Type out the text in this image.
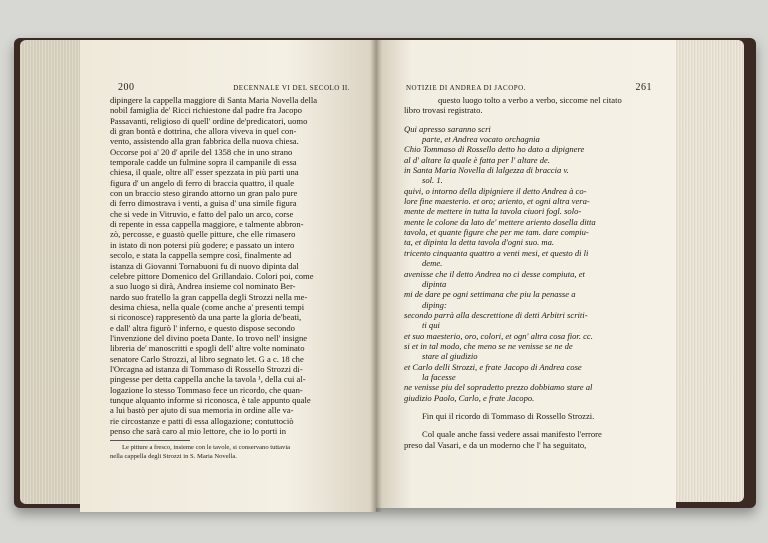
200	DECENNALE VI DEL SECOLO II.
dipingere la cappella maggiore di Santa Maria Novella della
nobil famiglia de' Ricci richiestone dal padre fra Jacopo
Passavanti, religioso di quell' ordine de'predicatori, uomo
di gran bontà e dottrina, che allora viveva in quel con-
vento, assistendo alla gran fabbrica della nuova chiesa.
Occorse poi a' 20 d' aprile del 1358 che in uno strano
temporale cadde un fulmine sopra il campanile di essa
chiesa, il quale, oltre all' esser spezzata in più parti una
figura d' un angelo di ferro di braccia quattro, il quale
con un braccio steso girando attorno un gran palo pure
di ferro dimostrava i venti, a guisa d' una simile figura
che si vede in Vitruvio, e fatto del palo un arco, corse
di repente in essa cappella maggiore, e talmente abbron-
zò, percosse, e guastò quelle pitture, che elle rimasero
in istato di non potersi più godere; e passato un intero
secolo, e stata la cappella sempre così, finalmente ad
istanza di Giovanni Tornabuoni fu di nuovo dipinta dal
celebre pittore Domenico del Grillandaio. Colori poi, come
a suo luogo si dirà, Andrea insieme col nominato Ber-
nardo suo fratello la gran cappella degli Strozzi nella me-
desima chiesa, nella quale (come anche a' presenti tempi
si riconosce) rappresentò da una parte la gloria de'beati,
e dall' altra figurò l' inferno, e questo dispose secondo
l'invenzione del divino poeta Dante. Io trovo nell' insigne
libreria de' manoscritti e spogli dell' altre volte nominato
senatore Carlo Strozzi, al libro segnato let. G a c. 18 che
l'Orcagna ad istanza di Tommaso di Rossello Strozzi di-
pingesse per detta cappella anche la tavola ¹, della cui al-
logazione lo stesso Tommaso fece un ricordo, che quan-
tunque alquanto informe si riconosca, è tale appunto quale
a lui bastò per ajuto di sua memoria in ordine alle va-
rie circostanze e patti di essa allogazione; contuttociò
penso che sarà caro al mio lettore, che io lo porti in
Le pitture a fresco, insieme con le tavole, si conservano tuttavia
nella cappella degli Strozzi in S. Maria Novella.
NOTIZIE DI ANDREA DI JACOPO.	261
questo luogo tolto a verbo a verbo, siccome nel citato
libro trovasi registrato.
Qui apresso saranno scri
parte, et Andrea vocato orchagnia
Chio Tommaso di Rossello detto ho dato a dipignere
al d' altare la quale è fatta per l' altare de.
in Santa Maria Novella di lalgezza di braccia v.
sol. 1.
quivi, o intorno della dipigniere il detto Andrea à co-
lore fine maesterio. et oro; ariento, et ogni altra vera-
mente de mettere in tutta la tavola ciuori fogl. solo-
mente le colone da lato de' mettere ariento dosella ditta
tavola, et quante figure che per me tam. dare compiu-
ta, et dipinta la detta tavola d'ogni suo. ma.
tricento cinquanta quattro a venti mesi, et questo di li
deme.
avenisse che il detto Andrea no ci desse compiuta, et
dipinta
mi de dare pe ogni settimana che piu la penasse a
diping:
secondo parrà alla descrettione di detti Arbitri scriti-
ti qui
et suo maesterio, oro, colori, et ogn' altra cosa fior. cc.
si et in tal modo, che meno se ne venisse se ne de
stare al giudizio
et Carlo delli Strozzi, e frate Jacopo di Andrea cose
la facesse
ne venisse piu del sopradetto prezzo dobbiamo stare al
giudizio Paolo, Carlo, e frate Jacopo.
Fin qui il ricordo di Tommaso di Rossello Strozzi.
Col quale anche fassi vedere assai manifesto l'errore
preso dal Vasari, e da un moderno che l' ha seguitato,
